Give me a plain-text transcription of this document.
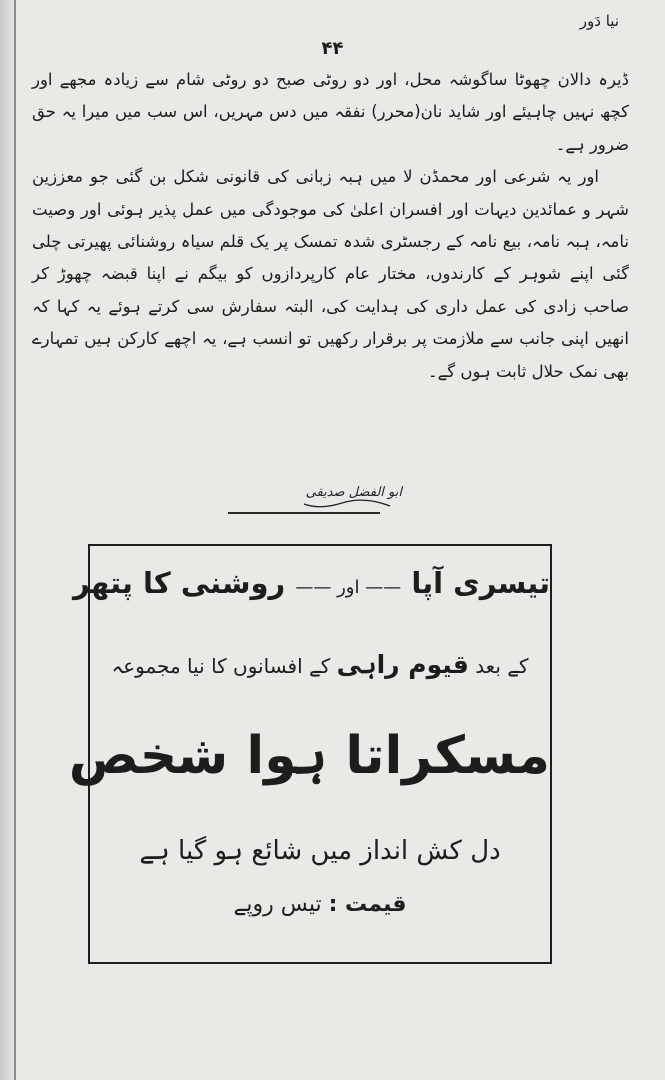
نیا دَور
۴۴

ڈیرہ دالان چھوٹا ساگوشہ محل، اور دو روٹی صبح دو روٹی شام سے زیادہ مجھے اور کچھ نہیں چاہیئے اور شاید نان(محرر) نفقہ میں دس مہریں، اس سب میں میرا یہ حق ضرور ہے۔

اور یہ شرعی اور محمڈن لا میں ہبہ زبانی کی قانونی شکل بن گئی جو معززین شہر و عمائدین دیہات اور افسران اعلیٰ کی موجودگی میں عمل پذیر ہوئی اور وصیت نامہ، ہبہ نامہ، بیع نامہ کے رجسٹری شدہ تمسک پر یک قلم سیاہ روشنائی پھیرتی چلی گئی اپنے شوہر کے کارندوں، مختار عام کارپردازوں کو بیگم نے اپنا قبضہ چھوڑ کر صاحب زادی کی عمل داری کی ہدایت کی، البتہ سفارش سی کرتے ہوئے یہ کہا کہ انھیں اپنی جانب سے ملازمت پر برقرار رکھیں تو انسب ہے، یہ اچھے کارکن ہیں تمہارے بھی نمک حلال ثابت ہوں گے۔

ابو الفضل صدیقی
تیسری آپا —— اور —— روشنی کا پتھر
کے بعد قیوم راہی کے افسانوں کا نیا مجموعہ
مسکراتا ہوا شخص
دل کش انداز میں شائع ہو گیا ہے
قیمت : تیس روپے
